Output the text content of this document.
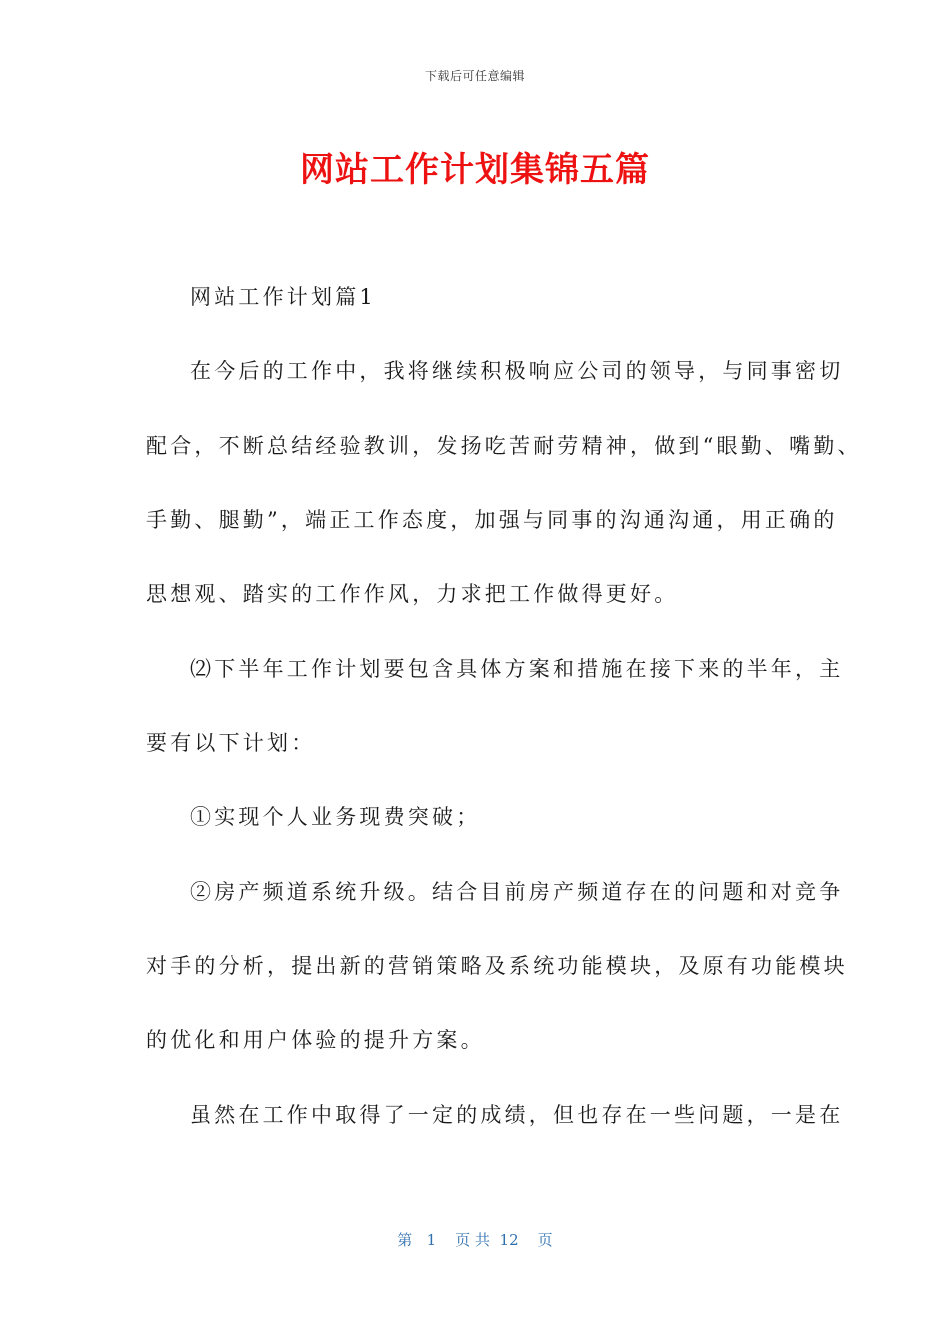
下载后可任意编辑
网站工作计划集锦五篇
网站工作计划篇1
在今后的工作中，我将继续积极响应公司的领导，与同事密切
配合，不断总结经验教训，发扬吃苦耐劳精神，做到“眼勤、嘴勤、
手勤、腿勤”，端正工作态度，加强与同事的沟通沟通，用正确的
思想观、踏实的工作作风，力求把工作做得更好。
⑵下半年工作计划要包含具体方案和措施在接下来的半年，主
要有以下计划：
①实现个人业务现费突破；
②房产频道系统升级。结合目前房产频道存在的问题和对竞争
对手的分析，提出新的营销策略及系统功能模块，及原有功能模块
的优化和用户体验的提升方案。
虽然在工作中取得了一定的成绩，但也存在一些问题，一是在
第   1    页 共  12    页
